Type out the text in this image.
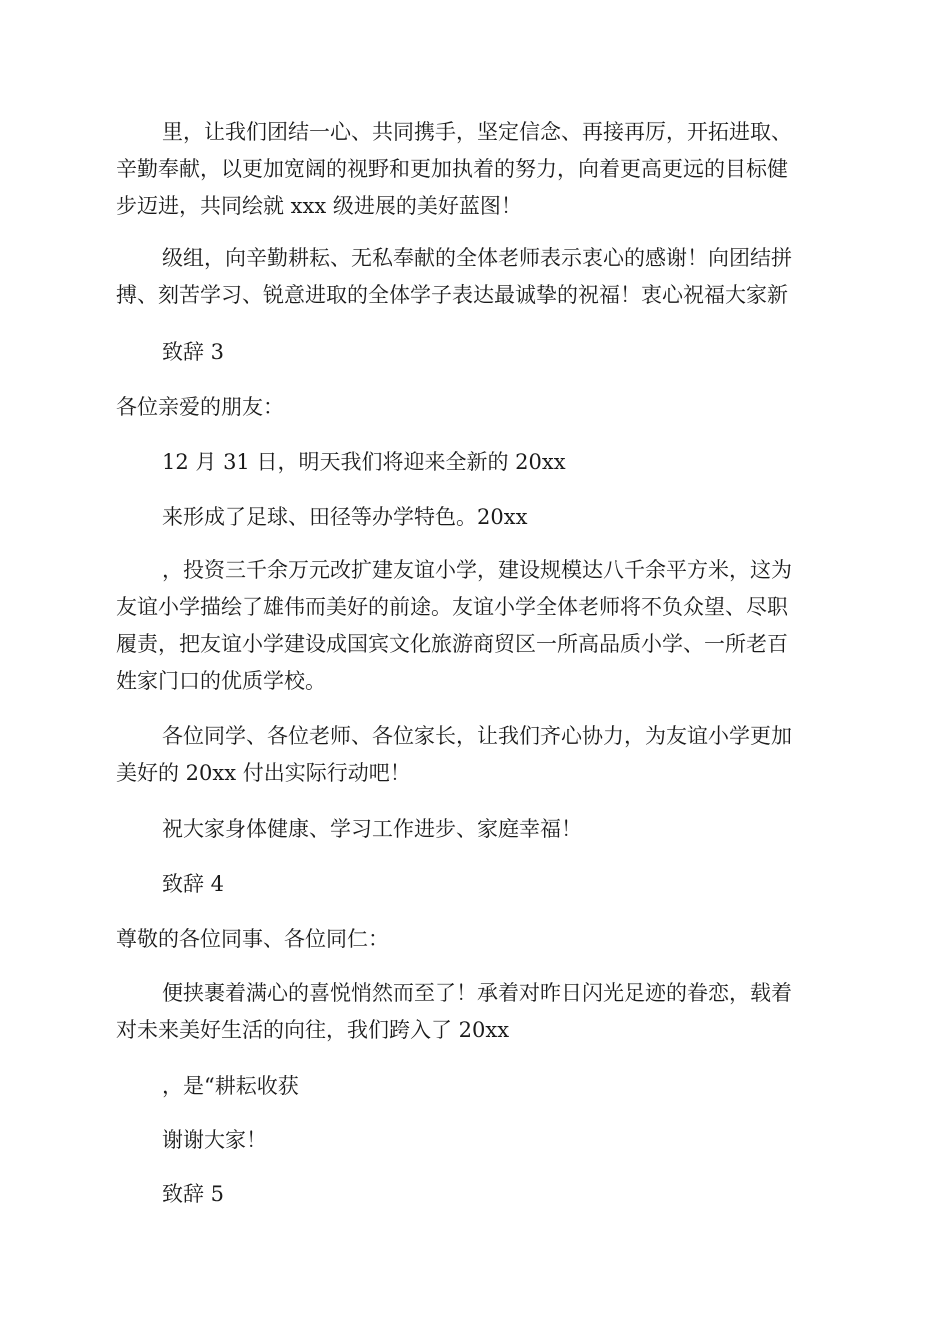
里，让我们团结一心、共同携手，坚定信念、再接再厉，开拓进取、
辛勤奉献，以更加宽阔的视野和更加执着的努力，向着更高更远的目标健
步迈进，共同绘就 xxx 级进展的美好蓝图！
级组，向辛勤耕耘、无私奉献的全体老师表示衷心的感谢！向团结拼
搏、刻苦学习、锐意进取的全体学子表达最诚挚的祝福！衷心祝福大家新
致辞 3
各位亲爱的朋友：
12 月 31 日，明天我们将迎来全新的 20xx
来形成了足球、田径等办学特色。20xx
，投资三千余万元改扩建友谊小学，建设规模达八千余平方米，这为
友谊小学描绘了雄伟而美好的前途。友谊小学全体老师将不负众望、尽职
履责，把友谊小学建设成国宾文化旅游商贸区一所高品质小学、一所老百
姓家门口的优质学校。
各位同学、各位老师、各位家长，让我们齐心协力，为友谊小学更加
美好的 20xx 付出实际行动吧！
祝大家身体健康、学习工作进步、家庭幸福！
致辞 4
尊敬的各位同事、各位同仁：
便挟裹着满心的喜悦悄然而至了！承着对昨日闪光足迹的眷恋，载着
对未来美好生活的向往，我们跨入了 20xx
，是“耕耘收获
谢谢大家！
致辞 5
